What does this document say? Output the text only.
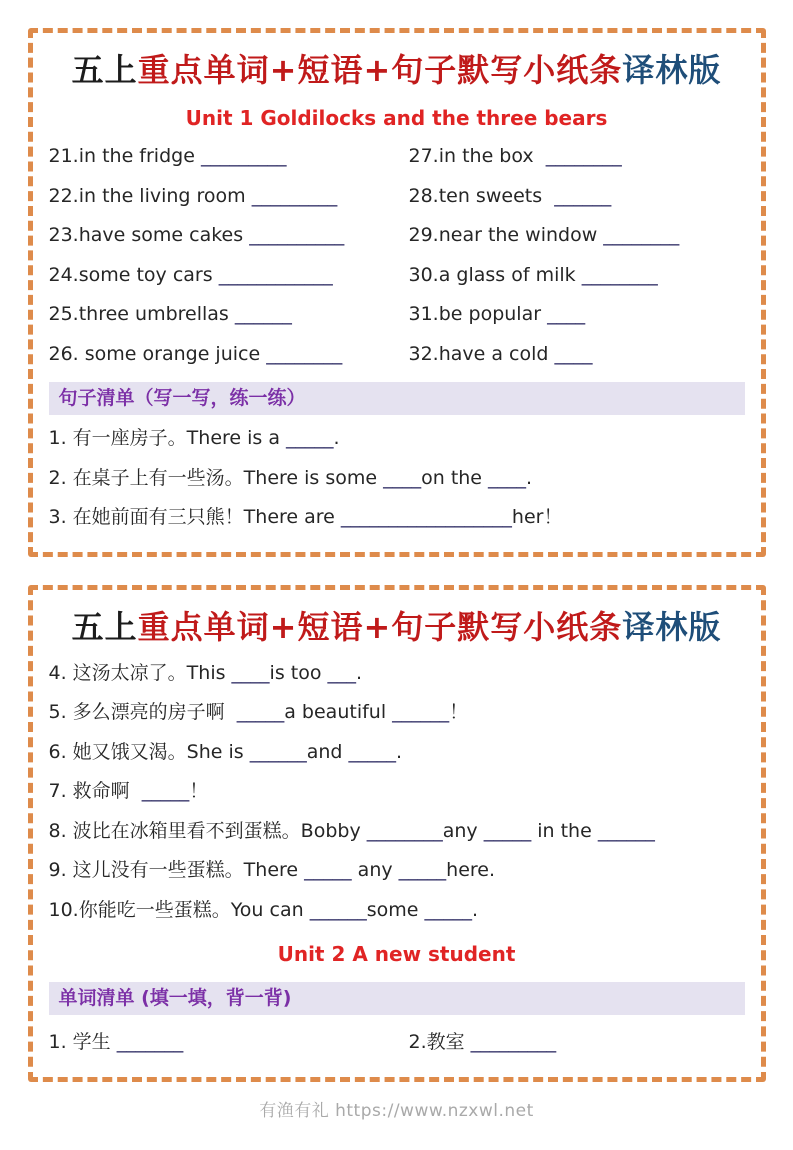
五上重点单词+短语+句子默写小纸条译林版
Unit 1 Goldilocks and the three bears
21.in the fridge _________
22.in the living room _________
23.have some cakes __________
24.some toy cars ____________
25.three umbrellas ______
26. some orange juice ________
27.in the box  ________
28.ten sweets  ______
29.near the window ________
30.a glass of milk ________
31.be popular ____
32.have a cold ____
句子清单（写一写，练一练）
1. 有一座房子。There is a _____.
2. 在桌子上有一些汤。There is some ____on the ____.
3. 在她前面有三只熊！There are __________________her！
五上重点单词+短语+句子默写小纸条译林版
4. 这汤太凉了。This ____is too ___.
5. 多么漂亮的房子啊  _____a beautiful ______！
6. 她又饿又渴。She is ______and _____.
7. 救命啊  _____！
8. 波比在冰箱里看不到蛋糕。Bobby ________any _____ in the ______
9. 这儿没有一些蛋糕。There _____ any _____here.
10.你能吃一些蛋糕。You can ______some _____.
Unit 2 A new student
单词清单 (填一填，背一背)
1. 学生 _______	2.教室 _________
有渔有礼 https://www.nzxwl.net
